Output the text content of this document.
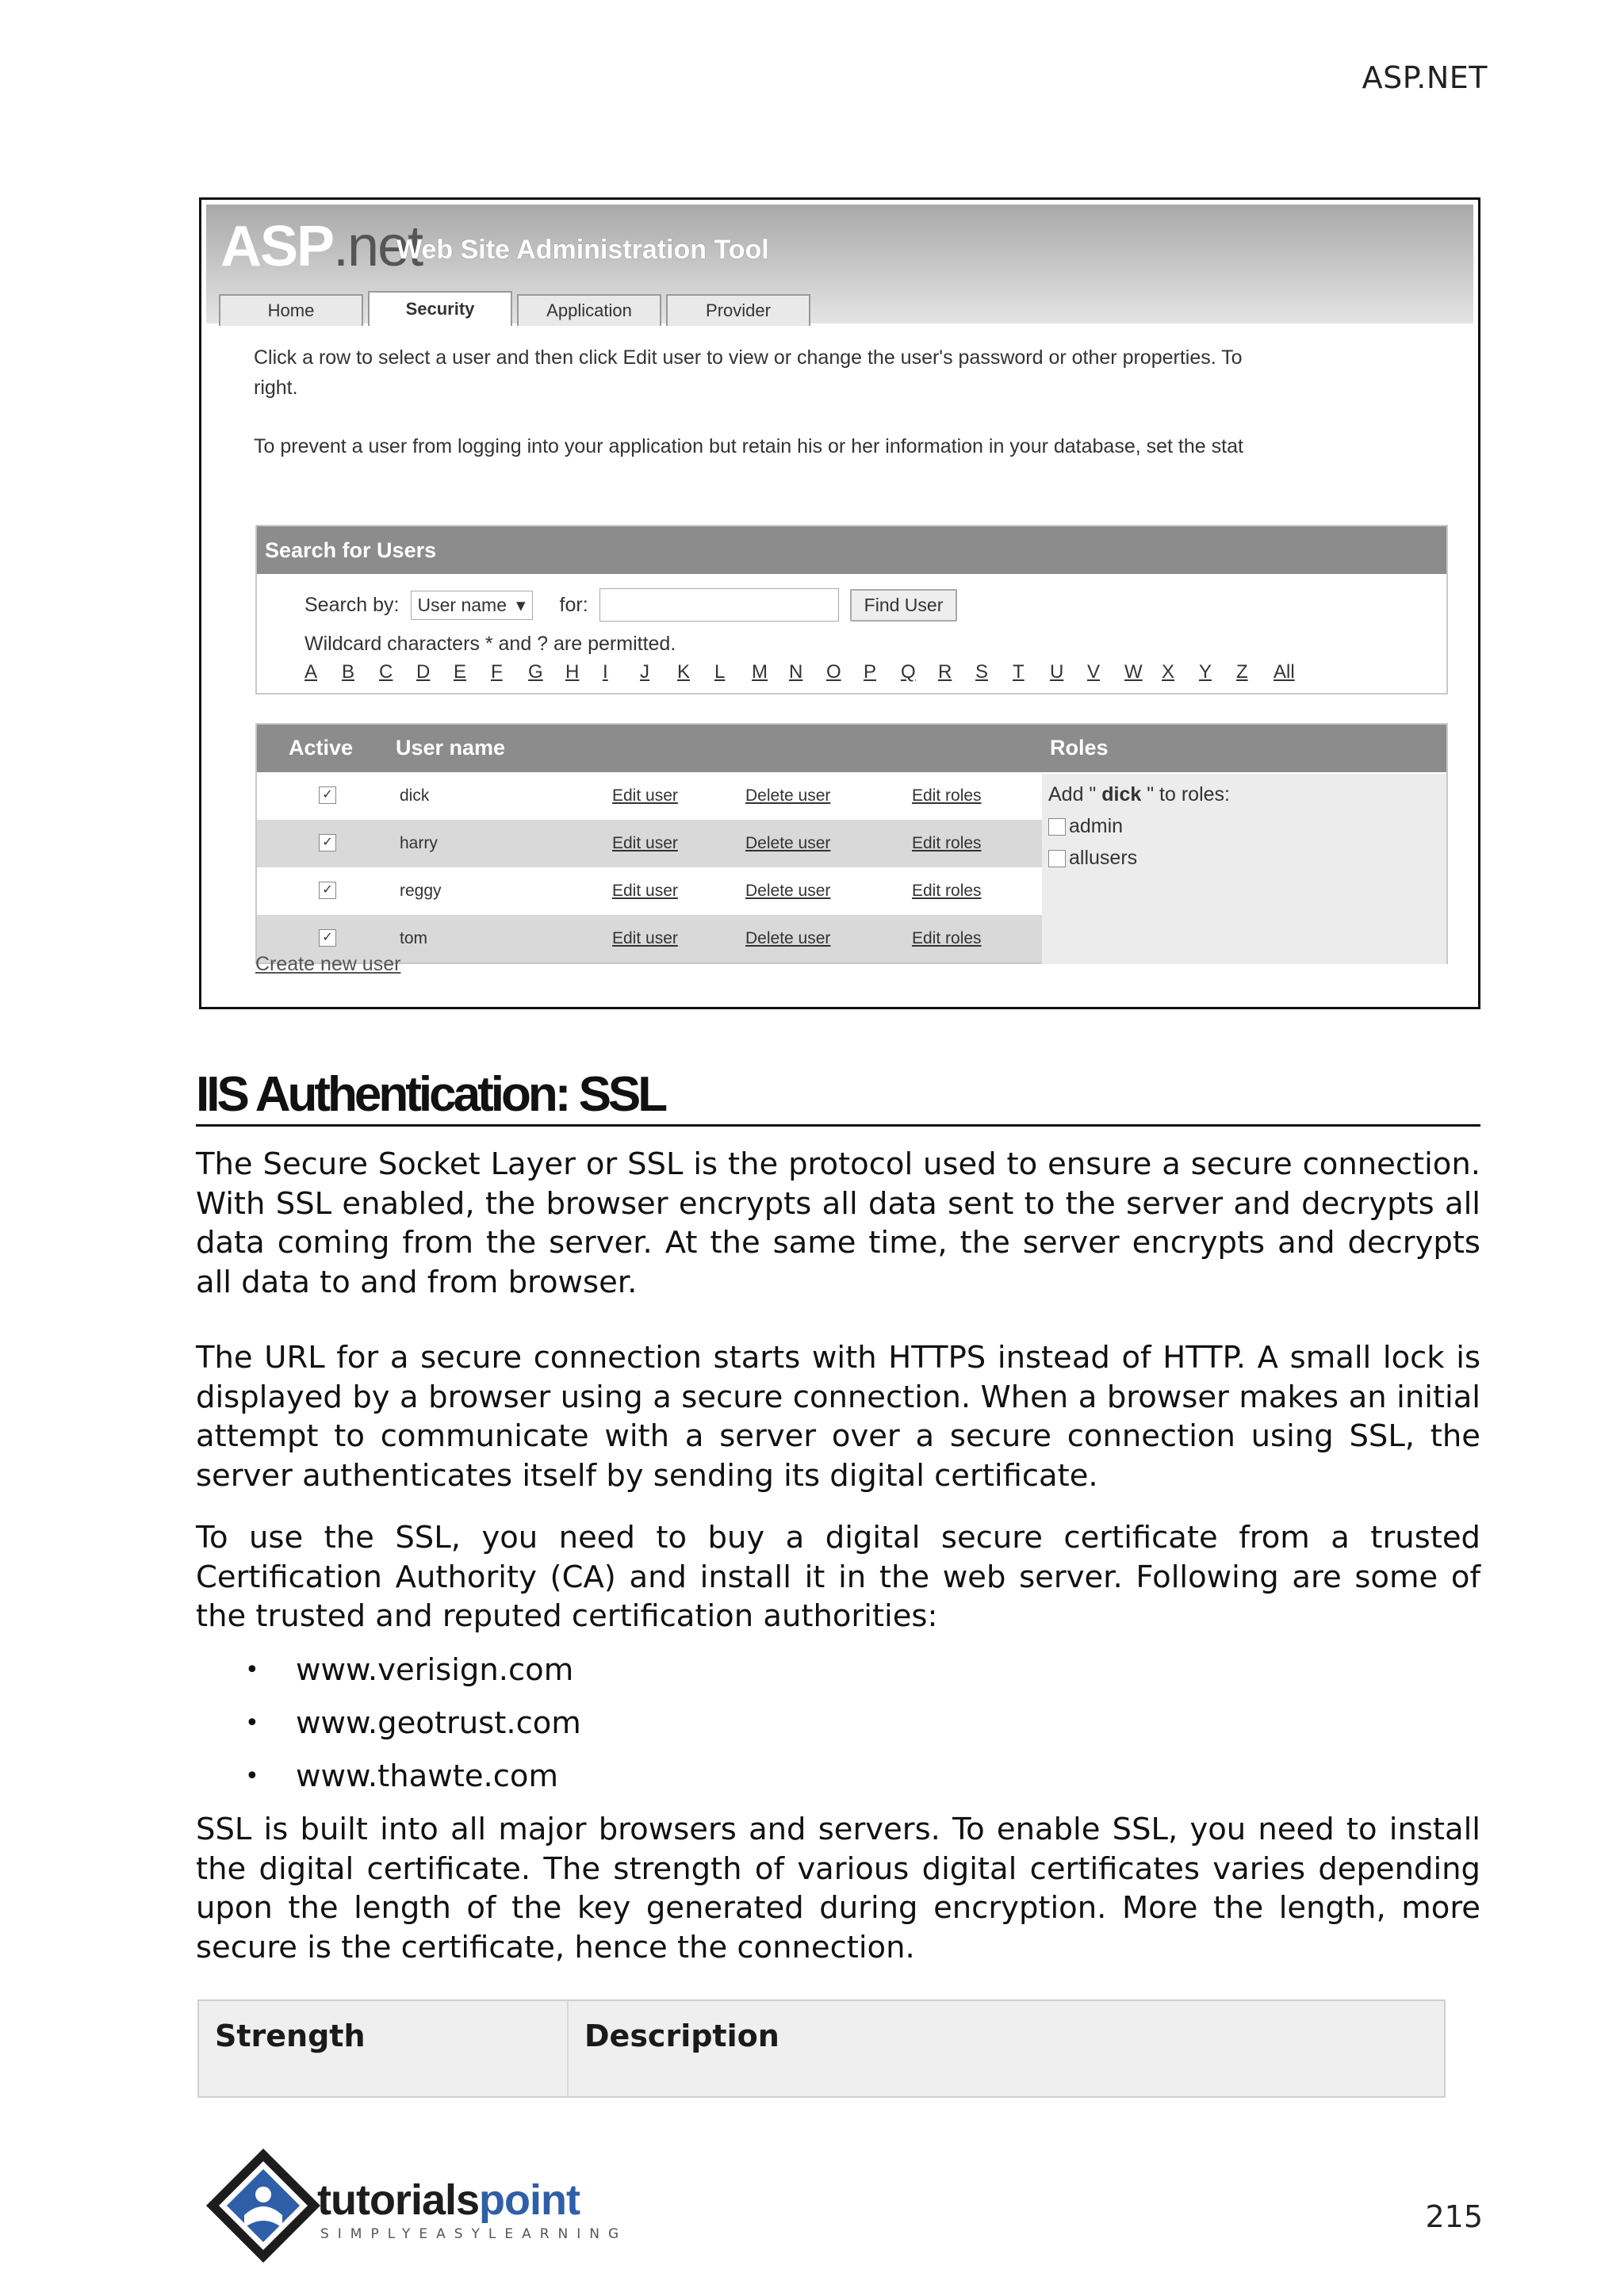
ASP.NET
ASP.net
Web Site Administration Tool
Home	Security	Application	Provider
Click a row to select a user and then click Edit user to view or change the user's password or other properties. To
right.
To prevent a user from logging into your application but retain his or her information in your database, set the stat
Search for Users
Search by: User name ▾ for:	Find User
Wildcard characters * and ? are permitted.
A	B	C	D	E	F	G	H	I	J	K	L	M	N	O	P	Q	R	S	T	U	V	W	X	Y	Z	All
Active User name	Roles
✓	dick	Edit user	Delete user	Edit roles
✓	harry	Edit user	Delete user	Edit roles
✓	reggy	Edit user	Delete user	Edit roles
✓	tom	Edit user	Delete user	Edit roles
Add " dick " to roles:
admin
allusers
Create new user
IIS Authentication: SSL

The Secure Socket Layer or SSL is the protocol used to ensure a secure connection. With SSL enabled, the browser encrypts all data sent to the server and decrypts all data coming from the server. At the same time, the server encrypts and decrypts all data to and from browser.

The URL for a secure connection starts with HTTPS instead of HTTP. A small lock is displayed by a browser using a secure connection. When a browser makes an initial attempt to communicate with a server over a secure connection using SSL, the server authenticates itself by sending its digital certificate.

To use the SSL, you need to buy a digital secure certificate from a trusted Certification Authority (CA) and install it in the web server. Following are some of the trusted and reputed certification authorities:

• www.verisign.com
• www.geotrust.com
• www.thawte.com

SSL is built into all major browsers and servers. To enable SSL, you need to install the digital certificate. The strength of various digital certificates varies depending upon the length of the key generated during encryption. More the length, more secure is the certificate, hence the connection.

Strength	Description
tutorialspoint
SIMPLYEASYLEARNING	215
